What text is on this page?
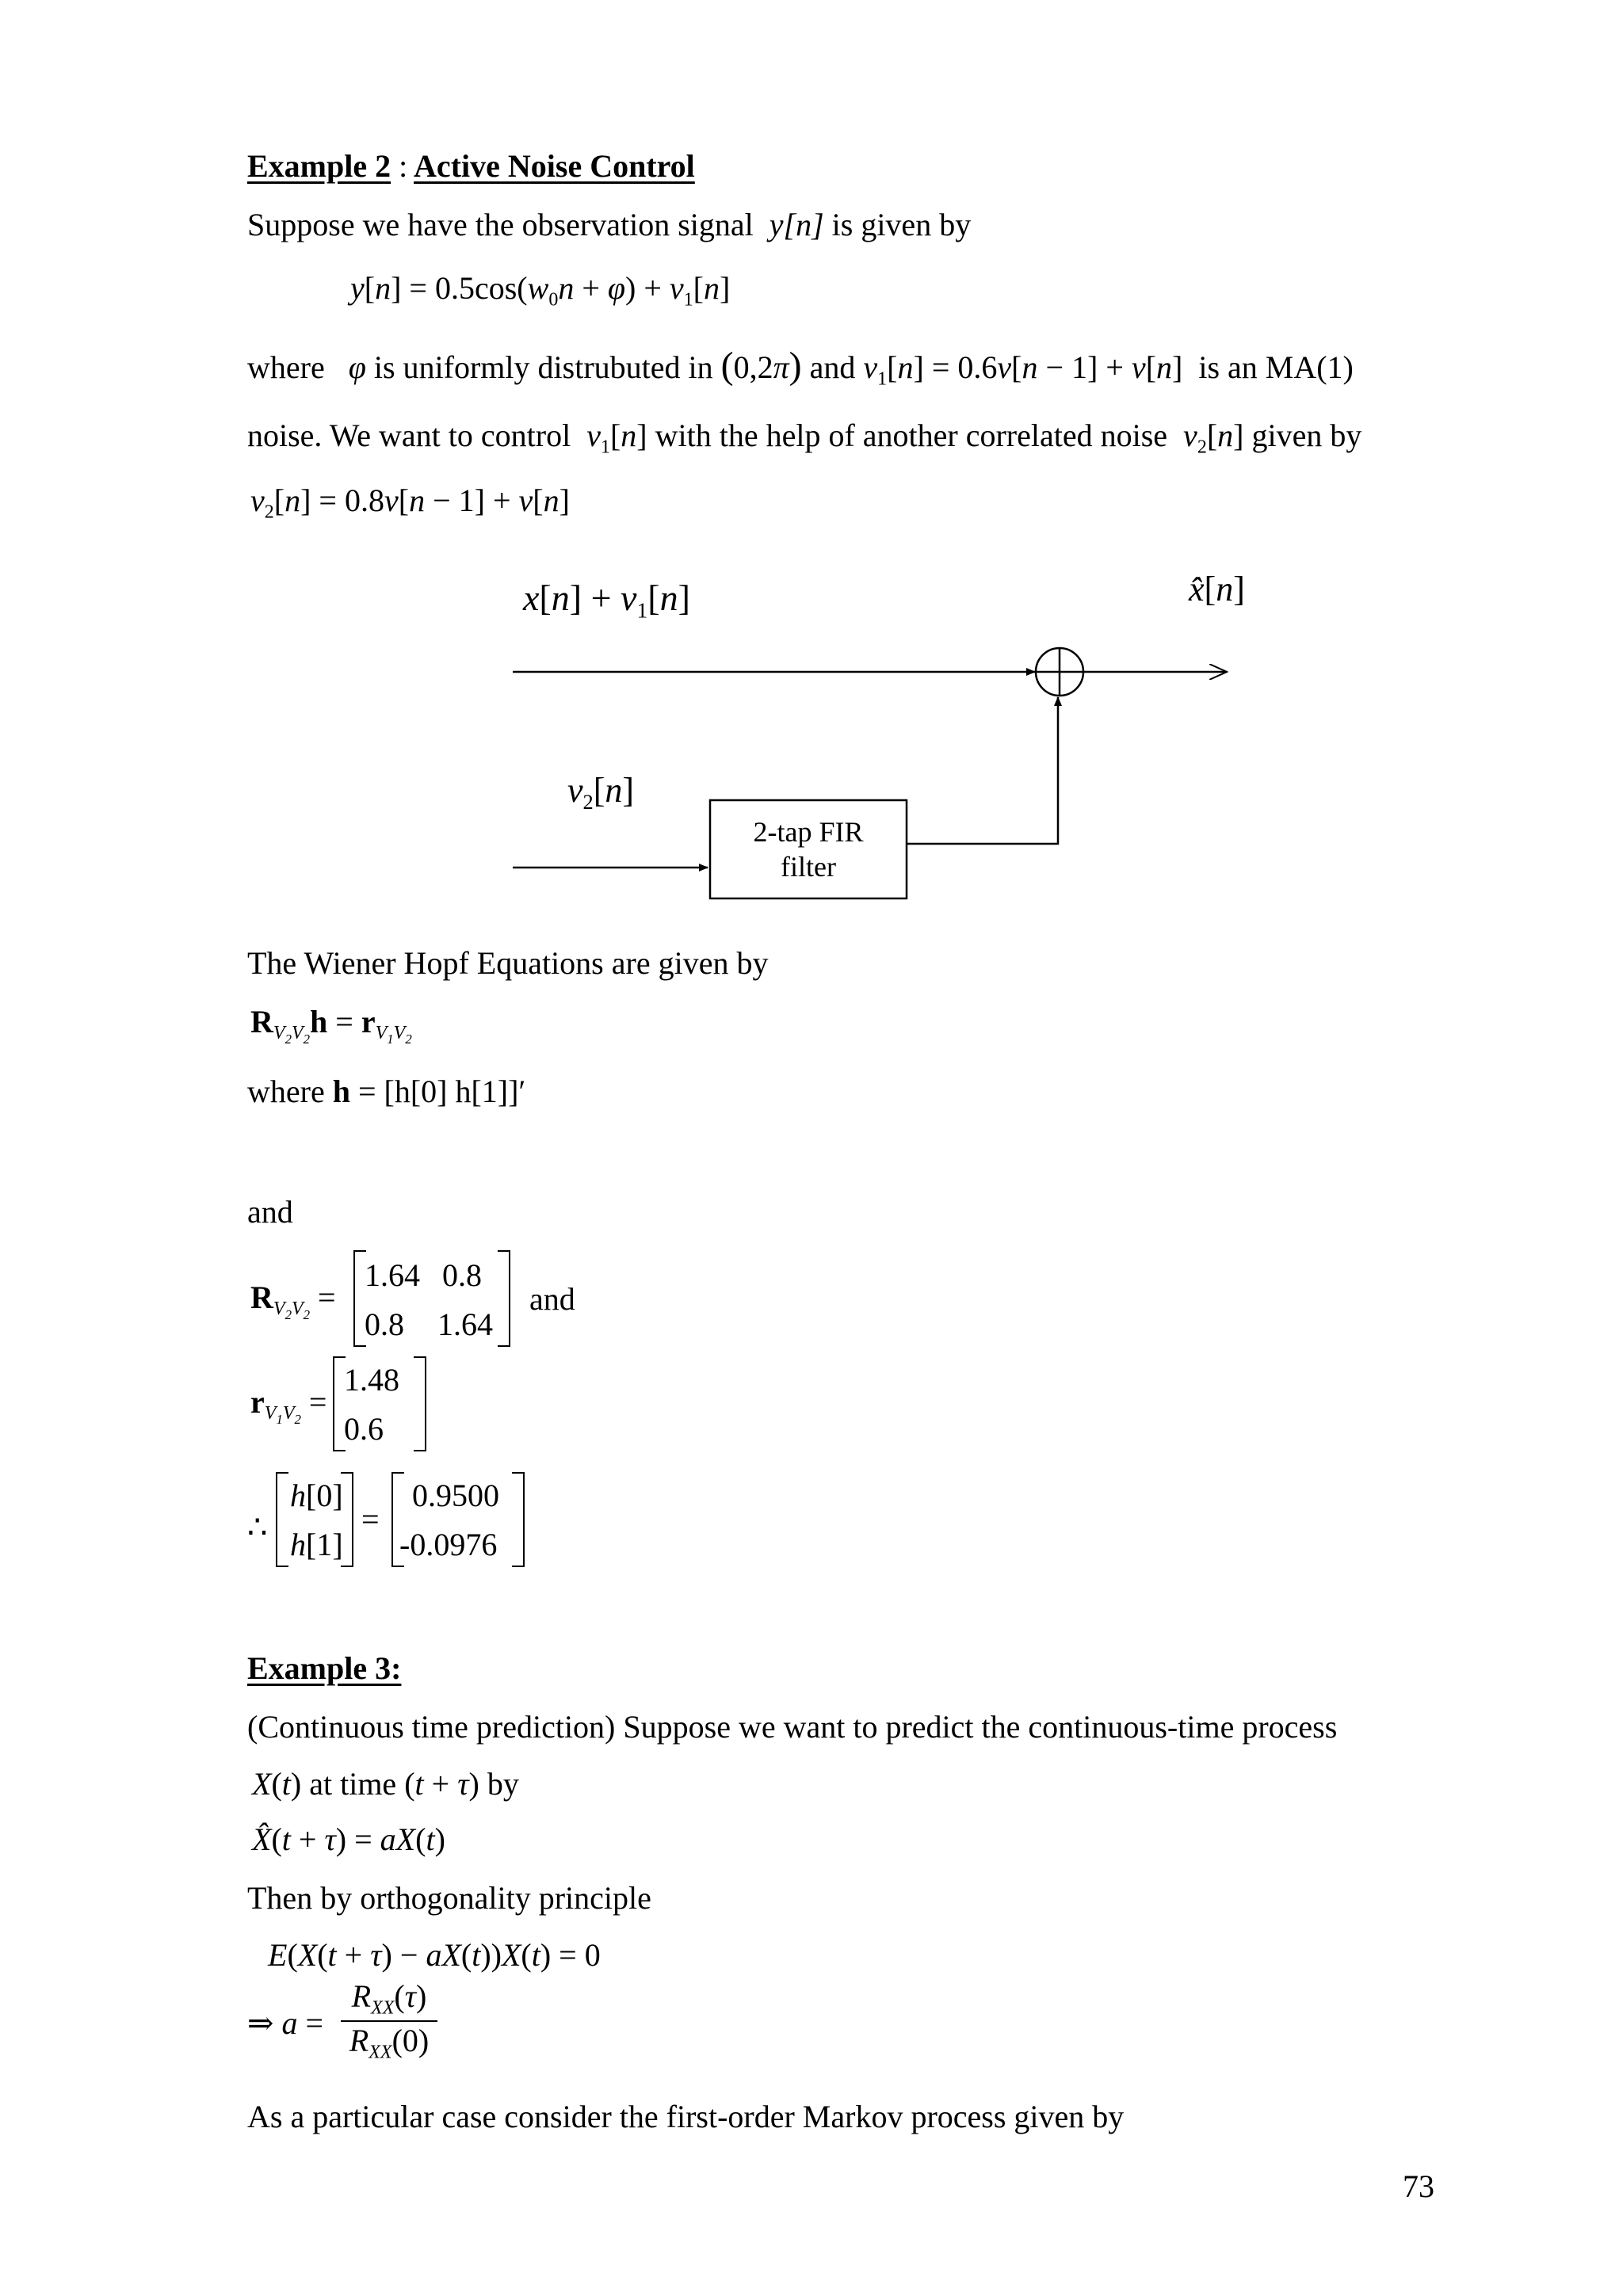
Example 2 : Active Noise Control
Suppose we have the observation signal y[n] is given by
$y[n] = 0.5\cos(w_0n + \varphi) + v_1[n]$
where φ is uniformly distrubuted in (0,2π) and $v_1[n] = 0.6v[n - 1] + v[n]$  is an MA(1)
noise. We want to control $v_1[n]$ with the help of another correlated noise $v_2[n]$ given by
$v_2[n] = 0.8v[n - 1] + v[n]$
$x[n] + v_1[n]$	x̂[n]
$v_2[n]$
2-tap FIR
filter
The Wiener Hopf Equations are given by
$R_{V_2V_2}h = r_{V_1V_2}$
where h = [h[0] h[1]]′
and
$R_{V_2V_2}$ =
1.64 0.8
0.8 1.64
and
$r_{V_1V_2}$ =
1.48
0.6
∴
h[0]
h[1]
=
0.9500
-0.0976
Example 3:
(Continuous time prediction) Suppose we want to predict the continuous-time process
X(t) at time (t + τ) by
X̂(t + τ) = aX(t)
Then by orthogonality principle
E(X(t + τ) − aX(t))X(t) = 0
⇒ a =
$R_{XX}(\tau)$
$R_{XX}(0)$
As a particular case consider the first-order Markov process given by
73
